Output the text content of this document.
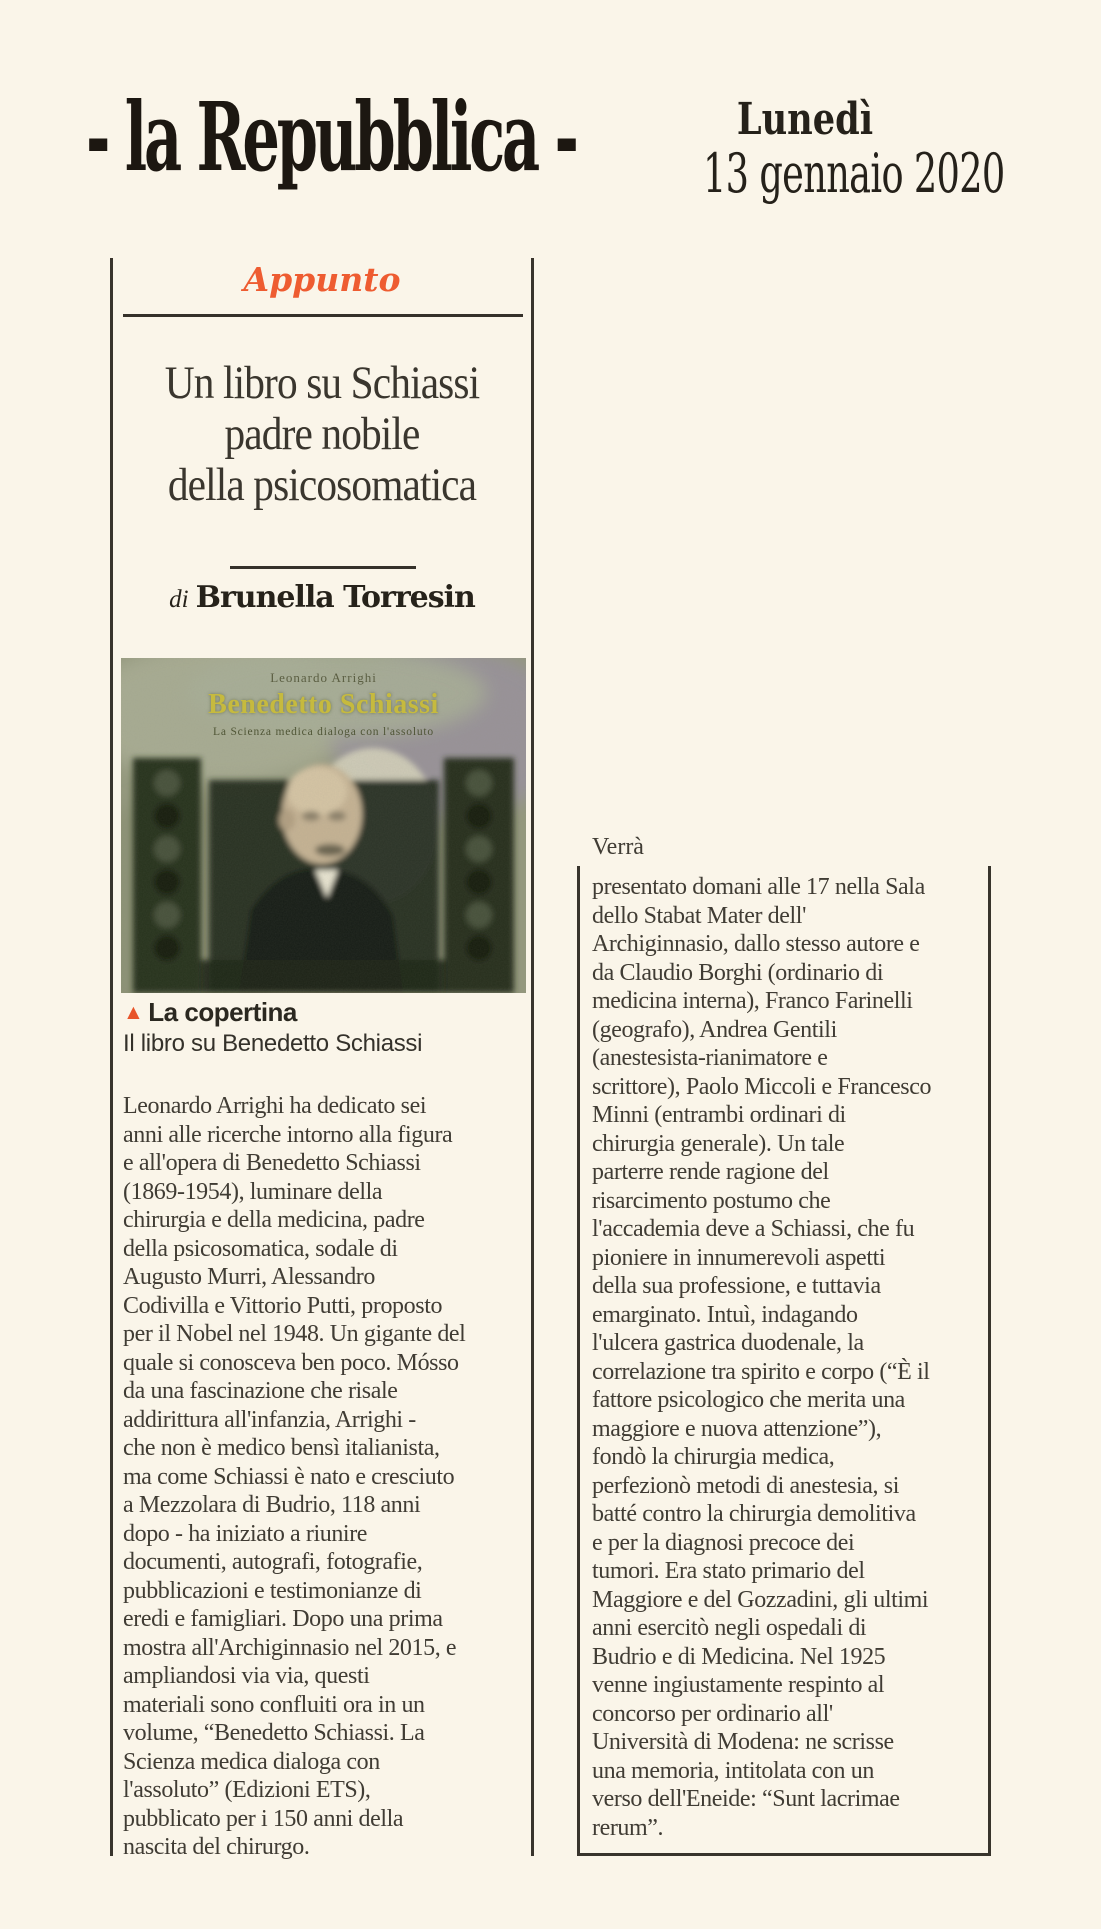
- la Repubblica -	Lunedì
13 gennaio 2020
Appunto
Un libro su Schiassi
padre nobile
della psicosomatica
di Brunella Torresin
Leonardo Arrighi
Benedetto Schiassi
La Scienza medica dialoga con l'assoluto
▲ La copertina
Il libro su Benedetto Schiassi
Leonardo Arrighi ha dedicato sei
anni alle ricerche intorno alla figura
e all'opera di Benedetto Schiassi
(1869-1954), luminare della
chirurgia e della medicina, padre
della psicosomatica, sodale di
Augusto Murri, Alessandro
Codivilla e Vittorio Putti, proposto
per il Nobel nel 1948. Un gigante del
quale si conosceva ben poco. Mósso
da una fascinazione che risale
addirittura all'infanzia, Arrighi -
che non è medico bensì italianista,
ma come Schiassi è nato e cresciuto
a Mezzolara di Budrio, 118 anni
dopo - ha iniziato a riunire
documenti, autografi, fotografie,
pubblicazioni e testimonianze di
eredi e famigliari. Dopo una prima
mostra all'Archiginnasio nel 2015, e
ampliandosi via via, questi
materiali sono confluiti ora in un
volume, “Benedetto Schiassi. La
Scienza medica dialoga con
l'assoluto” (Edizioni ETS),
pubblicato per i 150 anni della
nascita del chirurgo.
Verrà
presentato domani alle 17 nella Sala
dello Stabat Mater dell'
Archiginnasio, dallo stesso autore e
da Claudio Borghi (ordinario di
medicina interna), Franco Farinelli
(geografo), Andrea Gentili
(anestesista-rianimatore e
scrittore), Paolo Miccoli e Francesco
Minni (entrambi ordinari di
chirurgia generale). Un tale
parterre rende ragione del
risarcimento postumo che
l'accademia deve a Schiassi, che fu
pioniere in innumerevoli aspetti
della sua professione, e tuttavia
emarginato. Intuì, indagando
l'ulcera gastrica duodenale, la
correlazione tra spirito e corpo (“È il
fattore psicologico che merita una
maggiore e nuova attenzione”),
fondò la chirurgia medica,
perfezionò metodi di anestesia, si
batté contro la chirurgia demolitiva
e per la diagnosi precoce dei
tumori. Era stato primario del
Maggiore e del Gozzadini, gli ultimi
anni esercitò negli ospedali di
Budrio e di Medicina. Nel 1925
venne ingiustamente respinto al
concorso per ordinario all'
Università di Modena: ne scrisse
una memoria, intitolata con un
verso dell'Eneide: “Sunt lacrimae
rerum”.
